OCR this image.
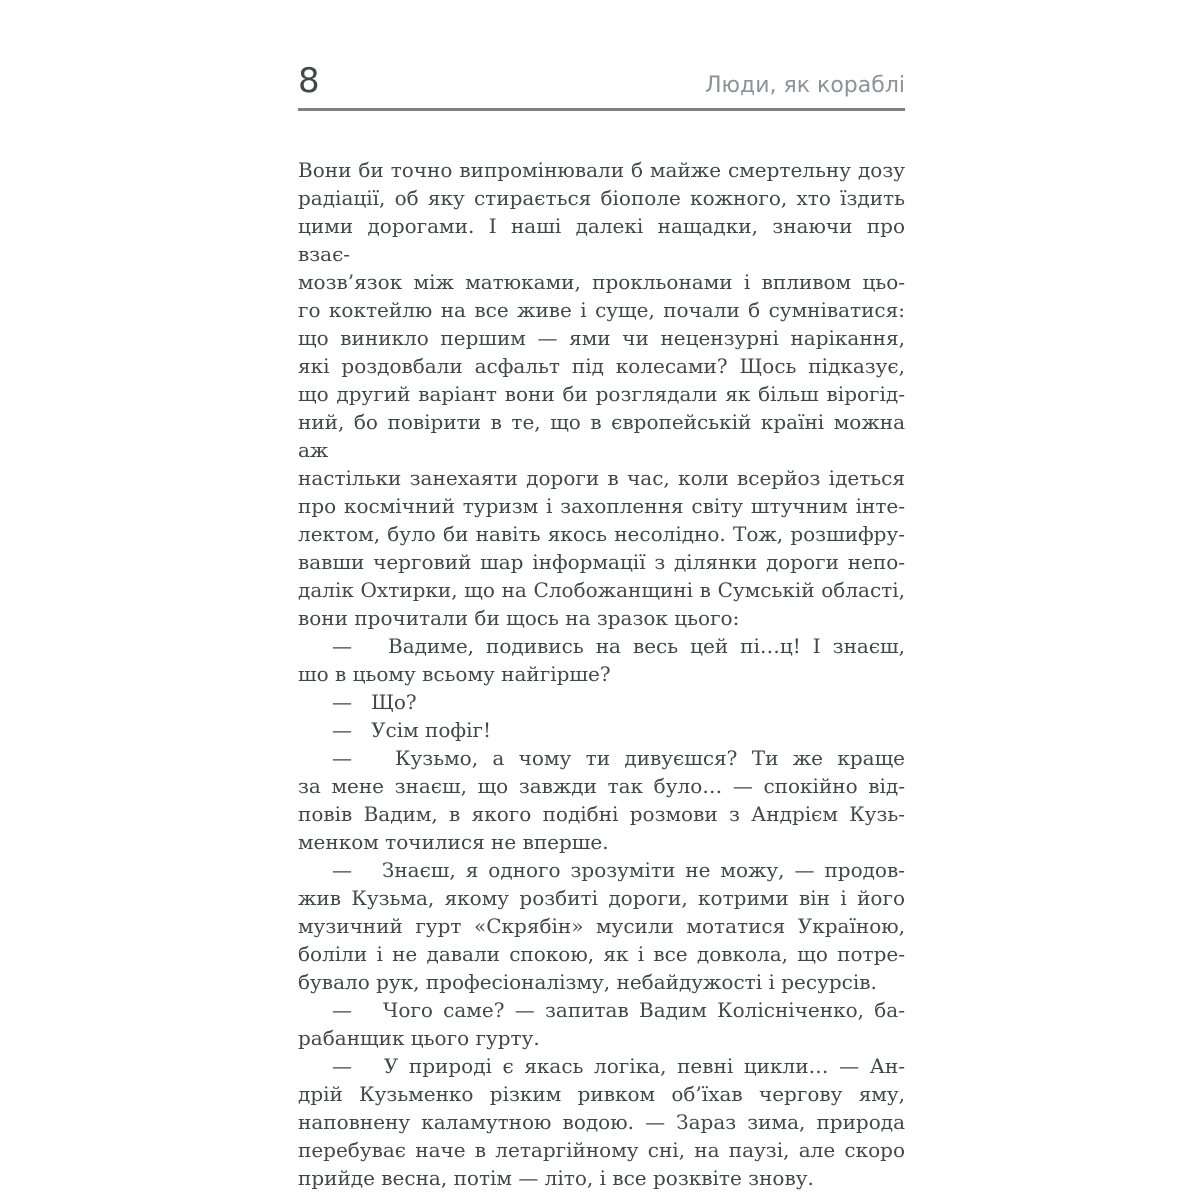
8	Люди, як кораблі
Вони би точно випромінювали б майже смертельну дозу
радіації, об яку стирається біополе кожного, хто їздить
цими дорогами. І наші далекі нащадки, знаючи про взає-
мозв’язок між матюками, прокльонами і впливом цьо-
го коктейлю на все живе і суще, почали б сумніватися:
що виникло першим — ями чи нецензурні нарікання,
які роздовбали асфальт під колесами? Щось підказує,
що другий варіант вони би розглядали як більш вірогід-
ний, бо повірити в те, що в європейській країні можна аж
настільки занехаяти дороги в час, коли всерйоз ідеться
про космічний туризм і захоплення світу штучним інте-
лектом, було би навіть якось несолідно. Тож, розшифру-
вавши черговий шар інформації з ділянки дороги непо-
далік Охтирки, що на Слобожанщині в Сумській області,
вони прочитали би щось на зразок цього:
—   Вадиме, подивись на весь цей пі…ц! І знаєш,
шо в цьому всьому найгірше?
—   Що?
—   Усім пофіг!
—   Кузьмо, а чому ти дивуєшся? Ти же краще
за мене знаєш, що завжди так було… — спокійно від-
повів Вадим, в якого подібні розмови з Андрієм Кузь-
менком точилися не вперше.
—   Знаєш, я одного зрозуміти не можу, — продов-
жив Кузьма, якому розбиті дороги, котрими він і його
музичний гурт «Скрябін» мусили мотатися Україною,
боліли і не давали спокою, як і все довкола, що потре-
бувало рук, професіоналізму, небайдужості і ресурсів.
—   Чого саме? — запитав Вадим Колісніченко, ба-
рабанщик цього гурту.
—   У природі є якась логіка, певні цикли… — Ан-
дрій Кузьменко різким ривком об’їхав чергову яму,
наповнену каламутною водою. — Зараз зима, природа
перебуває наче в летаргійному сні, на паузі, але скоро
прийде весна, потім — літо, і все розквіте знову.
